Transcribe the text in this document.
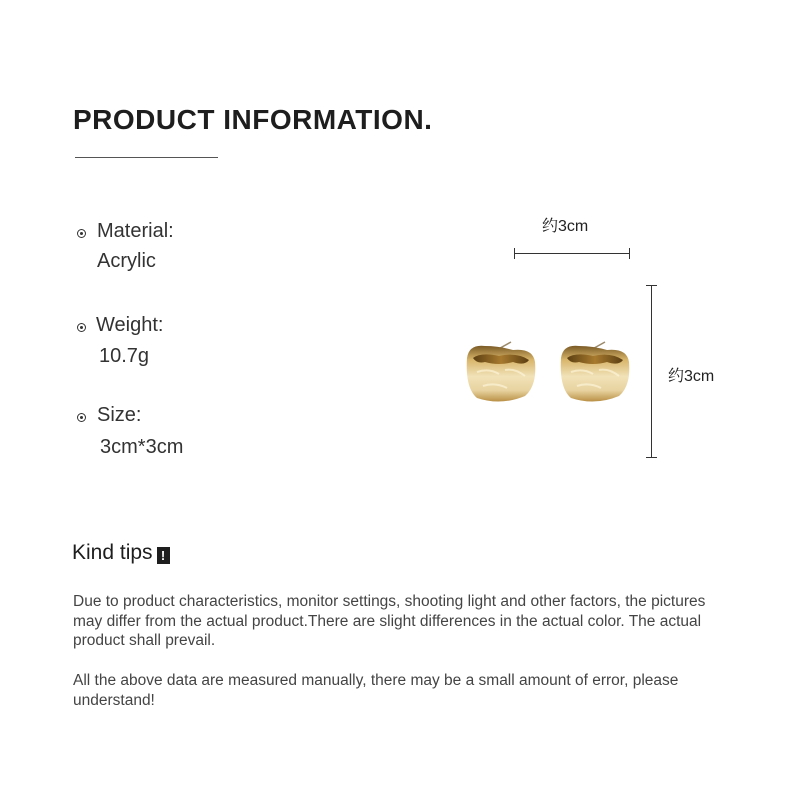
PRODUCT INFORMATION.
Material:
Acrylic
Weight:
10.7g
Size:
3cm*3cm
约3cm
约3cm
Kind tips !
Due to product characteristics, monitor settings, shooting light and other factors, the pictures may differ from the actual product.There are slight differences in the actual color. The actual product shall prevail.
All the above data are measured manually, there may be a small amount of error, please understand!
